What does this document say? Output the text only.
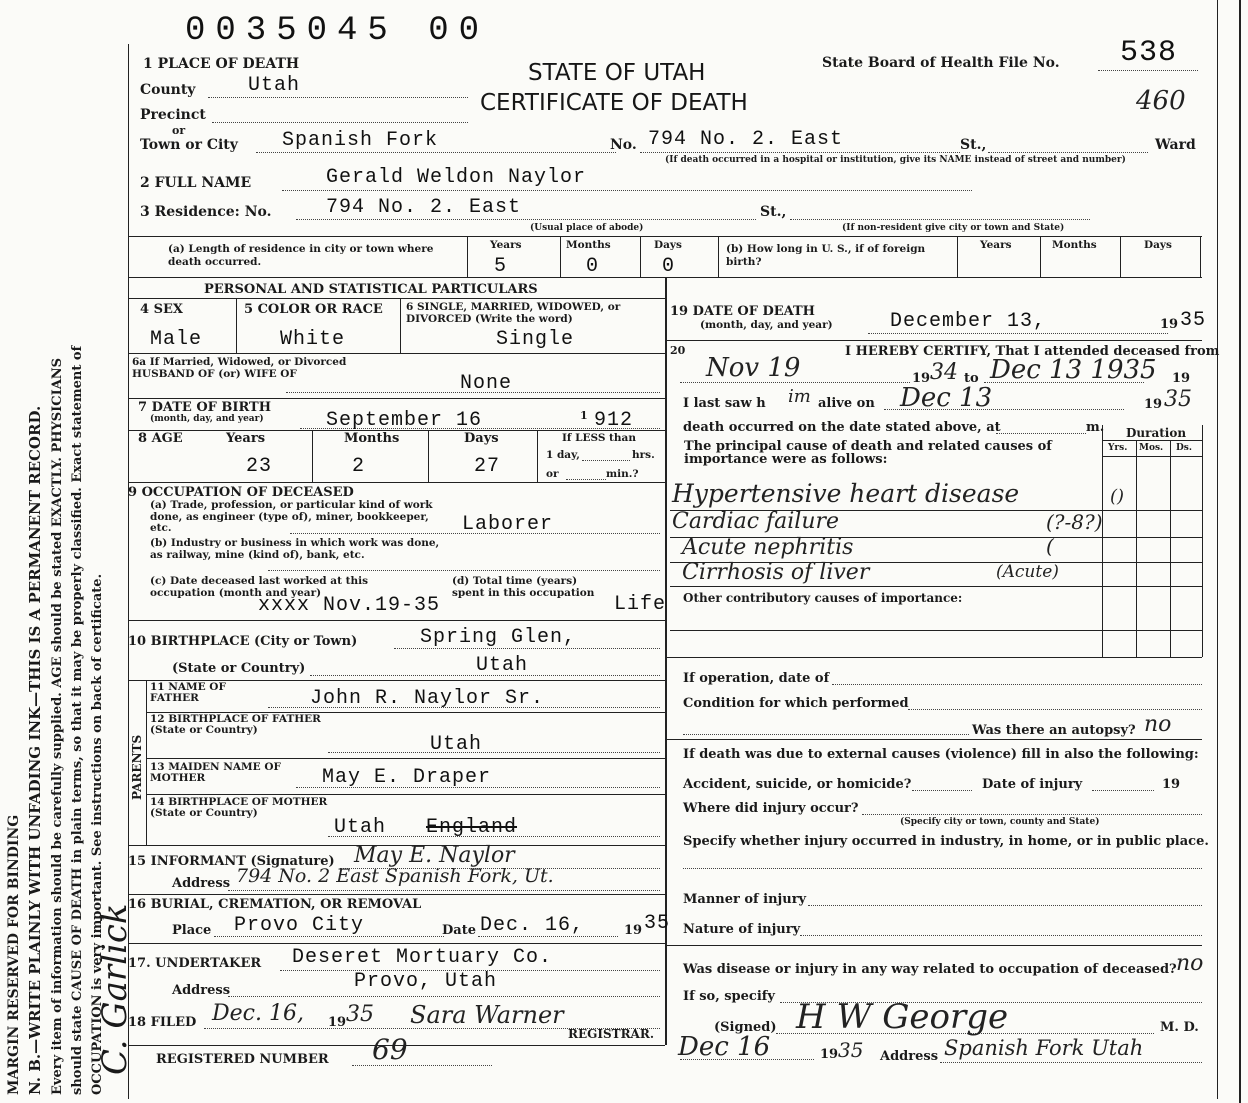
MARGIN RESERVED FOR BINDING N. B.—WRITE PLAINLY WITH UNFADING INK—THIS IS A PERMANENT RECORD. Every item of information should be carefully supplied. AGE should be stated EXACTLY. PHYSICIANS should state CAUSE OF DEATH in plain terms, so that it may be properly classified. Exact statement of OCCUPATION is very important. See instructions on back of certificate.
C. Garlick
0035045 00
1 PLACE OF DEATH	STATE OF UTAH
CERTIFICATE OF DEATH
State Board of Health File No. 538
460
County	Utah
Precinct
or
Town or City Spanish Fork	No. 794 No. 2. East	St.,	Ward
(If death occurred in a hospital or institution, give its NAME instead of street and number)
2 FULL NAME	Gerald Weldon Naylor
3 Residence: No.	794 No. 2. East	St.,
(Usual place of abode)	(If non-resident give city or town and State)
(a) Length of residence in city or town where death occurred.
Years	Months	Days
5	0	0
(b) How long in U. S., if of foreign birth?
Years	Months	Days
PERSONAL AND STATISTICAL PARTICULARS
4 SEX
Male
5 COLOR OR RACE
White
6 SINGLE, MARRIED, WIDOWED, or DIVORCED (Write the word)
Single
6a If Married, Widowed, or Divorced HUSBAND OF (or) WIFE OF	None
7 DATE OF BIRTH
(month, day, and year)	September 16	1 912
8 AGE	Years	Months	Days
23	2	27
If LESS than
1 day,	hrs.
or	min.?
9 OCCUPATION OF DECEASED
(a) Trade, profession, or particular kind of work done, as engineer (type of), miner, bookkeeper, etc.	Laborer
(b) Industry or business in which work was done, as railway, mine (kind of), bank, etc.
(c) Date deceased last worked at this occupation (month and year)
xxxx Nov.19-35
(d) Total time (years) spent in this occupation
Life
10 BIRTHPLACE (City or Town)	Spring Glen,
(State or Country)	Utah
PARENTS
11 NAME OF FATHER	John R. Naylor Sr.
12 BIRTHPLACE OF FATHER (State or Country)
Utah
13 MAIDEN NAME OF MOTHER	May E. Draper
14 BIRTHPLACE OF MOTHER (State or Country)
Utah England
15 INFORMANT (Signature) May E. Naylor
Address 794 No. 2 East Spanish Fork, Ut.
16 BURIAL, CREMATION, OR REMOVAL
Place Provo City	Date Dec. 16,	19 35
17. UNDERTAKER Deseret Mortuary Co.
Address	Provo, Utah
18 FILED Dec. 16, 19 35 Sara Warner
REGISTRAR.
REGISTERED NUMBER 69
19 DATE OF DEATH
(month, day, and year)	December 13,	19 35
20	I HEREBY CERTIFY, That I attended deceased from
Nov 19	19 34 to Dec 13 1935 19
I last saw h im alive on Dec 13	19 35
death occurred on the date stated above, at	m.
The principal cause of death and related causes of importance were as follows:
Duration
Yrs. Mos. Ds.
Hypertensive heart disease	()
Cardiac failure	(?-8?)
Acute nephritis	(
Cirrhosis of liver	(Acute)
Other contributory causes of importance:
If operation, date of
Condition for which performed
Was there an autopsy? no
If death was due to external causes (violence) fill in also the following:
Accident, suicide, or homicide?	Date of injury	19
Where did injury occur?
(Specify city or town, county and State)
Specify whether injury occurred in industry, in home, or in public place.
Manner of injury
Nature of injury
Was disease or injury in any way related to occupation of deceased? no
If so, specify
(Signed) H W George	M. D.
Dec 16	19 35 Address Spanish Fork Utah
